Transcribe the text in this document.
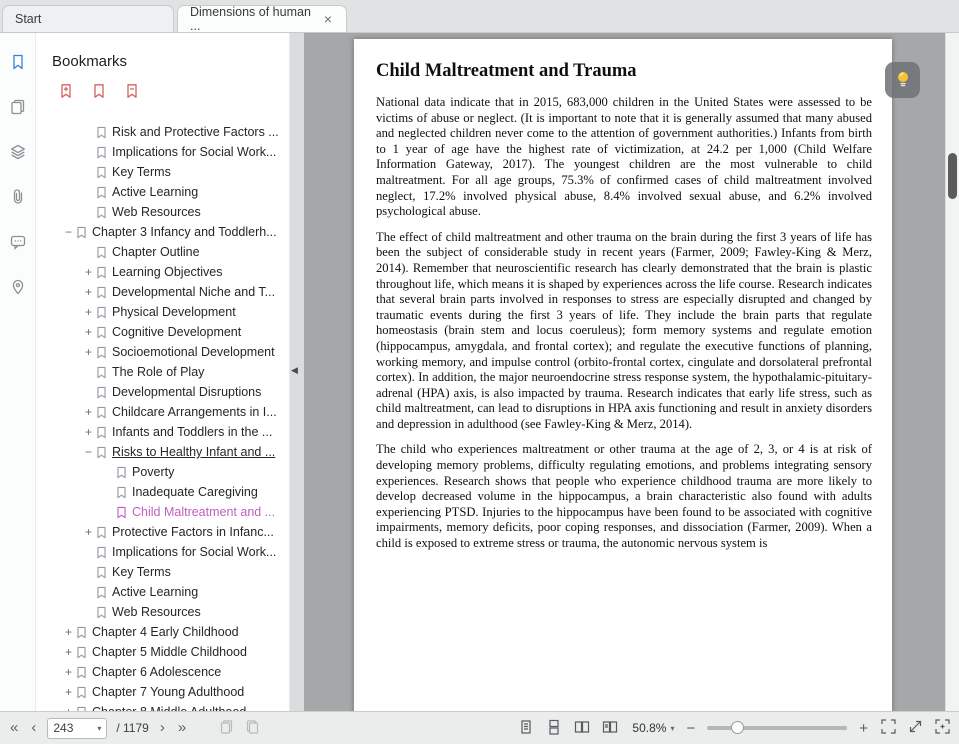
Start	Dimensions of human ...	×
Bookmarks
Risk and Protective Factors ...
Implications for Social Work...
Key Terms
Active Learning
Web Resources
− Chapter 3 Infancy and Toddlerh...
Chapter Outline
+ Learning Objectives
+ Developmental Niche and T...
+ Physical Development
+ Cognitive Development
+ Socioemotional Development
The Role of Play
Developmental Disruptions
+ Childcare Arrangements in I...
+ Infants and Toddlers in the ...
− Risks to Healthy Infant and ...
Poverty
Inadequate Caregiving
Child Maltreatment and ...
+ Protective Factors in Infanc...
Implications for Social Work...
Key Terms
Active Learning
Web Resources
+ Chapter 4 Early Childhood
+ Chapter 5 Middle Childhood
+ Chapter 6 Adolescence
+ Chapter 7 Young Adulthood
◀
Child Maltreatment and Trauma

National data indicate that in 2015, 683,000 children in the United States were assessed to be victims of abuse or neglect. (It is important to note that it is generally assumed that many abused and neglected children never come to the attention of government authorities.) Infants from birth to 1 year of age have the highest rate of victimization, at 24.2 per 1,000 (Child Welfare Information Gateway, 2017). The youngest children are the most vulnerable to child maltreatment. For all age groups, 75.3% of confirmed cases of child maltreatment involved neglect, 17.2% involved physical abuse, 8.4% involved sexual abuse, and 6.2% involved psychological abuse.

The effect of child maltreatment and other trauma on the brain during the first 3 years of life has been the subject of considerable study in recent years (Farmer, 2009; Fawley-King & Merz, 2014). Remember that neuroscientific research has clearly demonstrated that the brain is plastic throughout life, which means it is shaped by experiences across the life course. Research indicates that several brain parts involved in responses to stress are especially disrupted and changed by traumatic events during the first 3 years of life. They include the brain parts that regulate homeostasis (brain stem and locus coeruleus); form memory systems and regulate emotion (hippocampus, amygdala, and frontal cortex); and regulate the executive functions of planning, working memory, and impulse control (orbito-frontal cortex, cingulate and dorsolateral prefrontal cortex). In addition, the major neuroendocrine stress response system, the hypothalamic-pituitary-adrenal (HPA) axis, is also impacted by trauma. Research indicates that early life stress, such as child maltreatment, can lead to disruptions in HPA axis functioning and result in anxiety disorders and depression in adulthood (see Fawley-King & Merz, 2014).

The child who experiences maltreatment or other trauma at the age of 2, 3, or 4 is at risk of developing memory problems, difficulty regulating emotions, and problems integrating sensory experiences. Research shows that people who experience childhood trauma are more likely to develop decreased volume in the hippocampus, a brain characteristic also found with adults experiencing PTSD. Injuries to the hippocampus have been found to be associated with cognitive impairments, memory deficits, poor coping responses, and dissociation (Farmer, 2009). When a child is exposed to extreme stress or trauma, the autonomic nervous system is

« ‹ 243	▾ / 1179 › »	50.8% ▾ −	+
